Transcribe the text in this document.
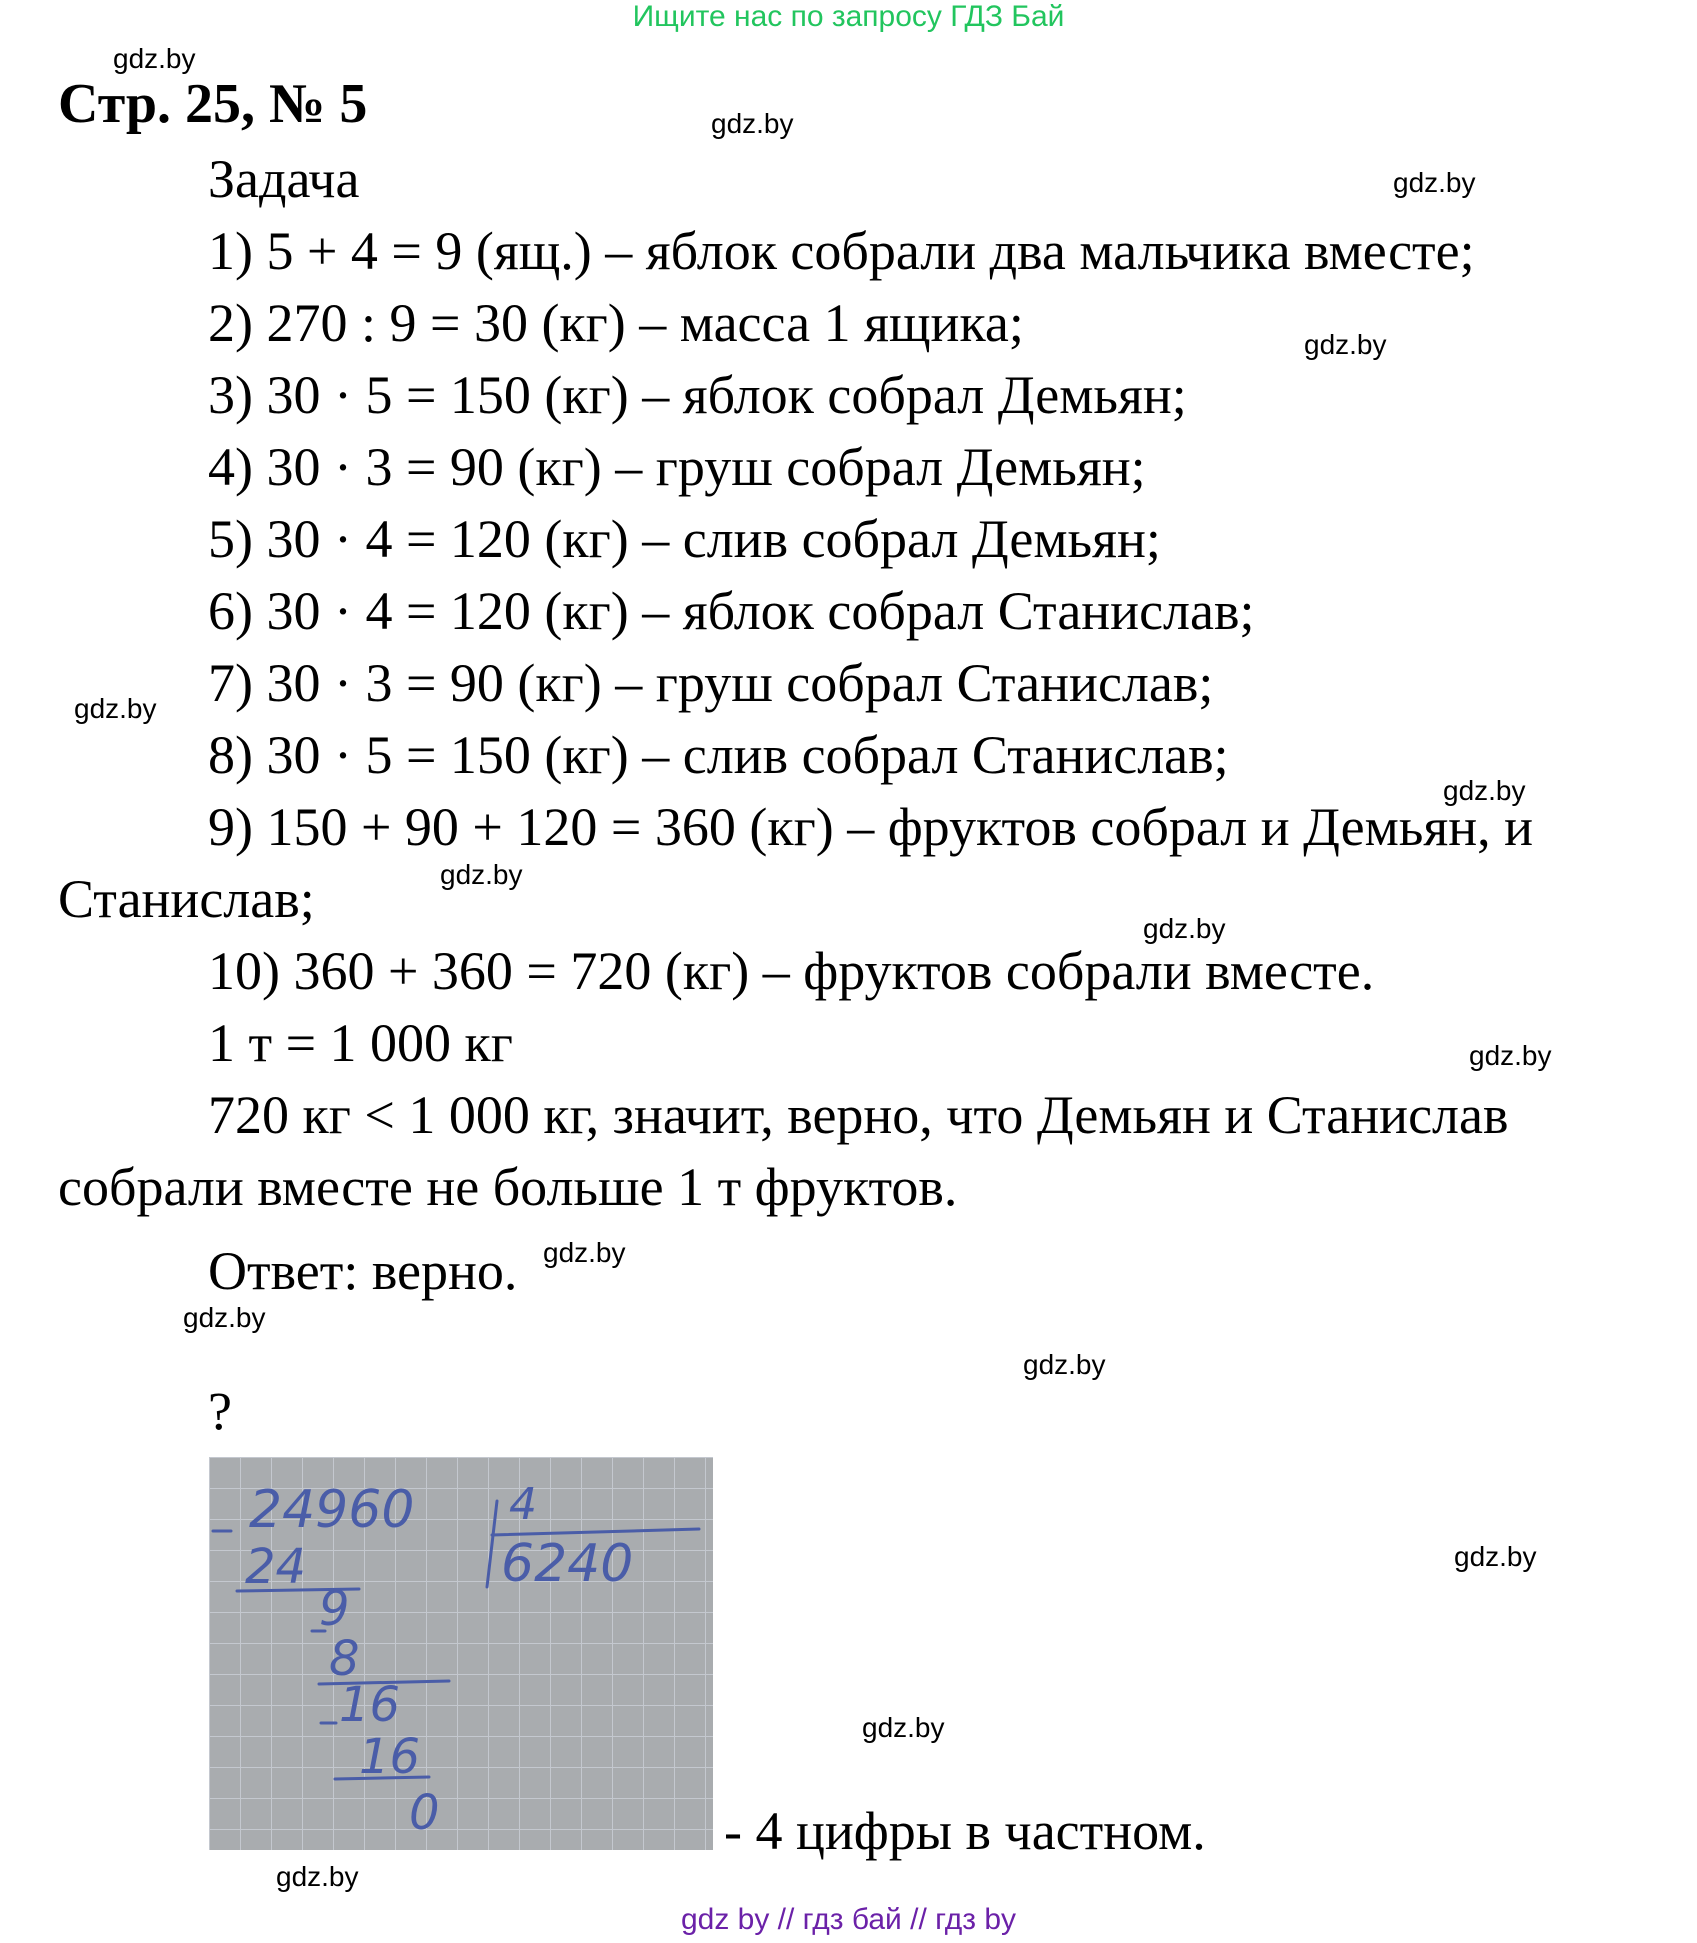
Ищите нас по запросу ГДЗ Бай
gdz.by
gdz.by
gdz.by
gdz.by
gdz.by
gdz.by
gdz.by
gdz.by
gdz.by
gdz.by
gdz.by
gdz.by
gdz.by
gdz.by
gdz.by
Стр. 25, № 5
Задача
1) 5 + 4 = 9 (ящ.) – яблок собрали два мальчика вместе;
2) 270 : 9 = 30 (кг) – масса 1 ящика;
3) 30 · 5 = 150 (кг) – яблок собрал Демьян;
4) 30 · 3 = 90 (кг) – груш собрал Демьян;
5) 30 · 4 = 120 (кг) – слив собрал Демьян;
6) 30 · 4 = 120 (кг) – яблок собрал Станислав;
7) 30 · 3 = 90 (кг) – груш собрал Станислав;
8) 30 · 5 = 150 (кг) – слив собрал Станислав;
9) 150 + 90 + 120 = 360 (кг) – фруктов собрал и Демьян, и
Станислав;
10) 360 + 360 = 720 (кг) – фруктов собрали вместе.
1 т = 1 000 кг
720 кг < 1 000 кг, значит, верно, что Демьян и Станислав
собрали вместе не больше 1 т фруктов.
Ответ: верно.
?
24960 4
6240
24
9
8
16
16
0	- 4 цифры в частном.
gdz by // гдз бай // гдз by
